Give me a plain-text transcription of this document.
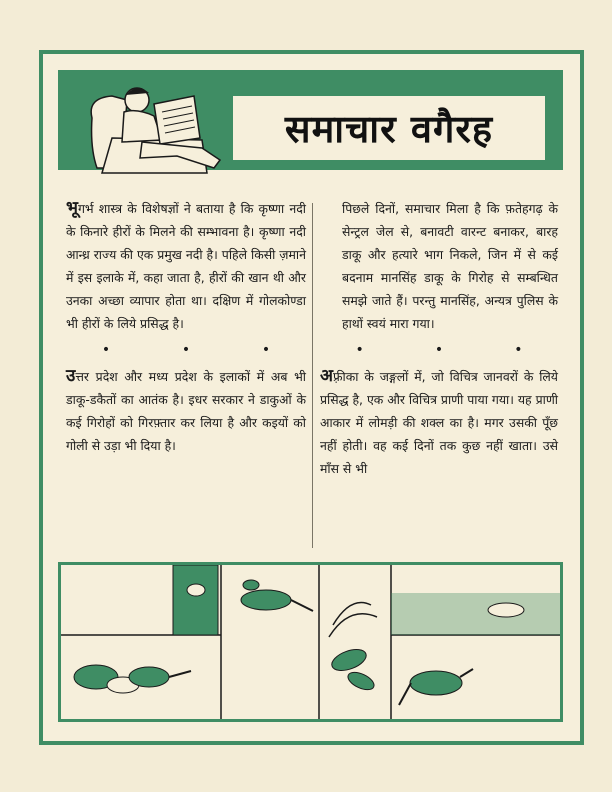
समाचार वगैरह

भूगर्भ शास्त्र के विशेषज्ञों ने बताया है कि कृष्णा नदी के किनारे हीरों के मिलने की सम्भावना है। कृष्णा नदी आन्ध्र राज्य की एक प्रमुख नदी है। पहिले किसी ज़माने में इस इलाके में, कहा जाता है, हीरों की खान थी और उनका अच्छा व्यापार होता था। दक्षिण में गोलकोण्डा भी हीरों के लिये प्रसिद्ध है।

•	•	•

उत्तर प्रदेश और मध्य प्रदेश के इलाकों में अब भी डाकू-डकैतों का आतंक है। इधर सरकार ने डाकुओं के कई गिरोहों को गिरफ़्तार कर लिया है और कइयों को गोली से उड़ा भी दिया है।

पिछले दिनों, समाचार मिला है कि फ़तेहगढ़ के सेन्ट्रल जेल से, बनावटी वारन्ट बनाकर, बारह डाकू और हत्यारे भाग निकले, जिन में से कई बदनाम मानसिंह डाकू के गिरोह से सम्बन्धित समझे जाते हैं। परन्तु मानसिंह, अन्यत्र पुलिस के हाथों स्वयं मारा गया।

•	•	•

अफ़्रीका के जङ्गलों में, जो विचित्र जानवरों के लिये प्रसिद्ध है, एक और विचित्र प्राणी पाया गया। यह प्राणी आकार में लोमड़ी की शक्ल का है। मगर उसकी पूँछ नहीं होती। वह कई दिनों तक कुछ नहीं खाता। उसे माँस से भी
